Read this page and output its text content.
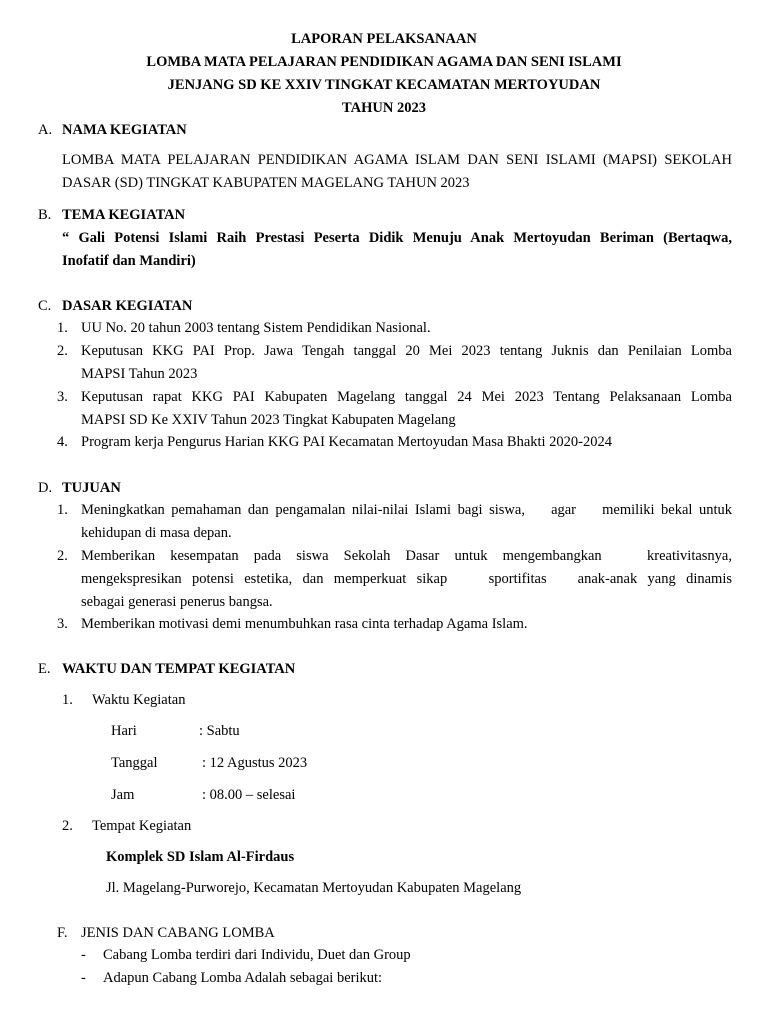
LAPORAN PELAKSANAAN
LOMBA MATA PELAJARAN PENDIDIKAN AGAMA DAN SENI ISLAMI
JENJANG SD KE XXIV TINGKAT KECAMATAN MERTOYUDAN
TAHUN 2023
A. NAMA KEGIATAN
LOMBA MATA PELAJARAN PENDIDIKAN AGAMA ISLAM DAN SENI ISLAMI (MAPSI) SEKOLAH
DASAR (SD) TINGKAT KABUPATEN MAGELANG TAHUN 2023
B. TEMA KEGIATAN
“ Gali Potensi Islami Raih Prestasi Peserta Didik Menuju Anak Mertoyudan Beriman (Bertaqwa,
Inofatif dan Mandiri)
C. DASAR KEGIATAN
1. UU No. 20 tahun 2003 tentang Sistem Pendidikan Nasional.
2. Keputusan KKG PAI Prop. Jawa Tengah tanggal 20 Mei 2023 tentang Juknis dan Penilaian Lomba
MAPSI Tahun 2023
3. Keputusan rapat KKG PAI Kabupaten Magelang tanggal 24 Mei 2023 Tentang Pelaksanaan Lomba
MAPSI SD Ke XXIV Tahun 2023 Tingkat Kabupaten Magelang
4. Program kerja Pengurus Harian KKG PAI Kecamatan Mertoyudan Masa Bhakti 2020-2024
D. TUJUAN
1. Meningkatkan pemahaman dan pengamalan nilai-nilai Islami bagi siswa,    agar    memiliki bekal untuk
kehidupan di masa depan.
2. Memberikan kesempatan pada siswa Sekolah Dasar untuk mengembangkan   kreativitasnya,
mengekspresikan potensi estetika, dan memperkuat sikap    sportifitas   anak-anak yang dinamis
sebagai generasi penerus bangsa.
3. Memberikan motivasi demi menumbuhkan rasa cinta terhadap Agama Islam.
E. WAKTU DAN TEMPAT KEGIATAN
1. Waktu Kegiatan
Hari	: Sabtu
Tanggal	: 12 Agustus 2023
Jam	: 08.00 – selesai
2. Tempat Kegiatan
Komplek SD Islam Al-Firdaus
Jl. Magelang-Purworejo, Kecamatan Mertoyudan Kabupaten Magelang
F. JENIS DAN CABANG LOMBA
- Cabang Lomba terdiri dari Individu, Duet dan Group
- Adapun Cabang Lomba Adalah sebagai berikut:
